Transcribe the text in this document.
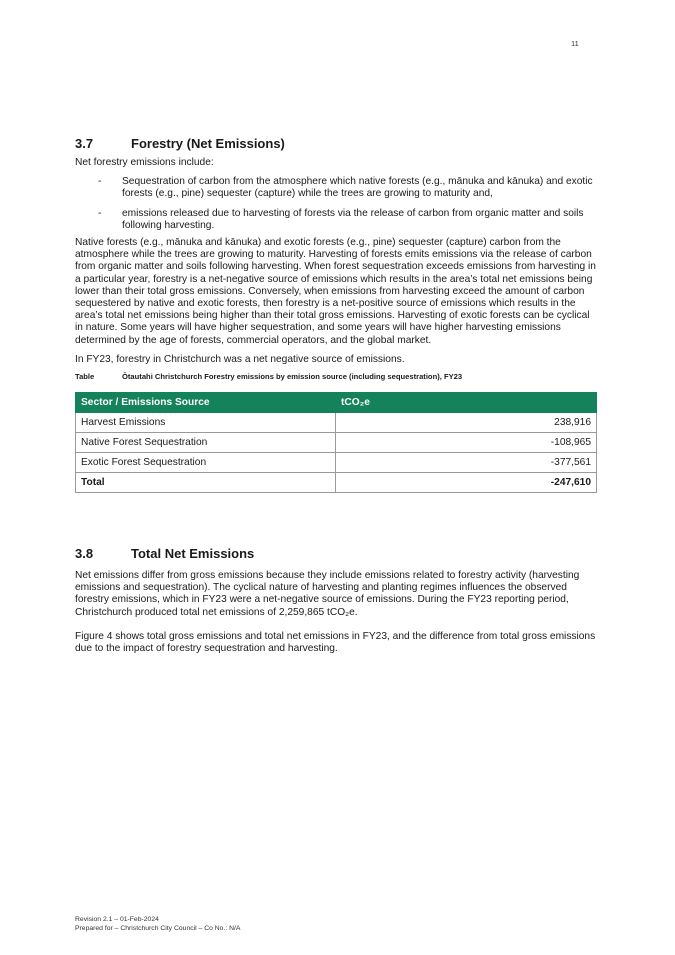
11
3.7	Forestry (Net Emissions)

Net forestry emissions include:

- Sequestration of carbon from the atmosphere which native forests (e.g., mānuka and kānuka) and exotic forests (e.g., pine) sequester (capture) while the trees are growing to maturity and,
- emissions released due to harvesting of forests via the release of carbon from organic matter and soils following harvesting.

Native forests (e.g., mānuka and kānuka) and exotic forests (e.g., pine) sequester (capture) carbon from the atmosphere while the trees are growing to maturity. Harvesting of forests emits emissions via the release of carbon from organic matter and soils following harvesting. When forest sequestration exceeds emissions from harvesting in a particular year, forestry is a net-negative source of emissions which results in the area’s total net emissions being lower than their total gross emissions. Conversely, when emissions from harvesting exceed the amount of carbon sequestered by native and exotic forests, then forestry is a net-positive source of emissions which results in the area’s total net emissions being higher than their total gross emissions. Harvesting of exotic forests can be cyclical in nature. Some years will have higher sequestration, and some years will have higher harvesting emissions determined by the age of forests, commercial operators, and the global market.

In FY23, forestry in Christchurch was a net negative source of emissions.

Table	Ōtautahi Christchurch Forestry emissions by emission source (including sequestration), FY23

Sector / Emissions Source	tCO₂e
Harvest Emissions	238,916
Native Forest Sequestration	-108,965
Exotic Forest Sequestration	-377,561
Total	-247,610
3.8	Total Net Emissions

Net emissions differ from gross emissions because they include emissions related to forestry activity (harvesting emissions and sequestration). The cyclical nature of harvesting and planting regimes influences the observed forestry emissions, which in FY23 were a net-negative source of emissions. During the FY23 reporting period, Christchurch produced total net emissions of 2,259,865 tCO₂e.

Figure 4 shows total gross emissions and total net emissions in FY23, and the difference from total gross emissions due to the impact of forestry sequestration and harvesting.

Revision 2.1 – 01-Feb-2024
Prepared for – Christchurch City Council – Co No.: N/A
